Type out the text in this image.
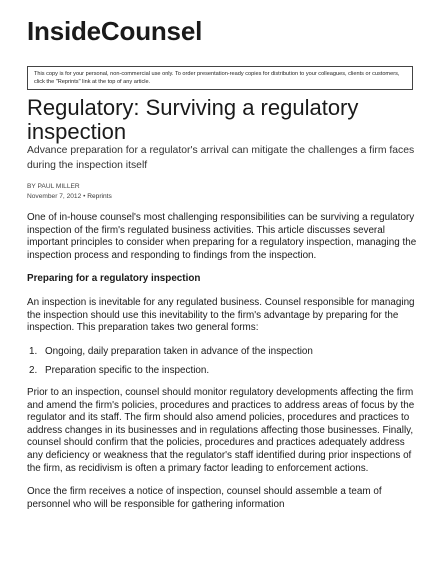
InsideCounsel
This copy is for your personal, non-commercial use only. To order presentation-ready copies for distribution to your colleagues, clients or customers, click the "Reprints" link at the top of any article.
Regulatory: Surviving a regulatory inspection
Advance preparation for a regulator's arrival can mitigate the challenges a firm faces during the inspection itself
BY PAUL MILLER
November 7, 2012 • Reprints

One of in-house counsel's most challenging responsibilities can be surviving a regulatory inspection of the firm's regulated business activities. This article discusses several important principles to consider when preparing for a regulatory inspection, managing the inspection process and responding to findings from the inspection.

Preparing for a regulatory inspection

An inspection is inevitable for any regulated business. Counsel responsible for managing the inspection should use this inevitability to the firm's advantage by preparing for the inspection. This preparation takes two general forms:

1. Ongoing, daily preparation taken in advance of the inspection
2. Preparation specific to the inspection.

Prior to an inspection, counsel should monitor regulatory developments affecting the firm and amend the firm's policies, procedures and practices to address areas of focus by the regulator and its staff. The firm should also amend policies, procedures and practices to address changes in its businesses and in regulations affecting those businesses. Finally, counsel should confirm that the policies, procedures and practices adequately address any deficiency or weakness that the regulator's staff identified during prior inspections of the firm, as recidivism is often a primary factor leading to enforcement actions.

Once the firm receives a notice of inspection, counsel should assemble a team of personnel who will be responsible for gathering information
